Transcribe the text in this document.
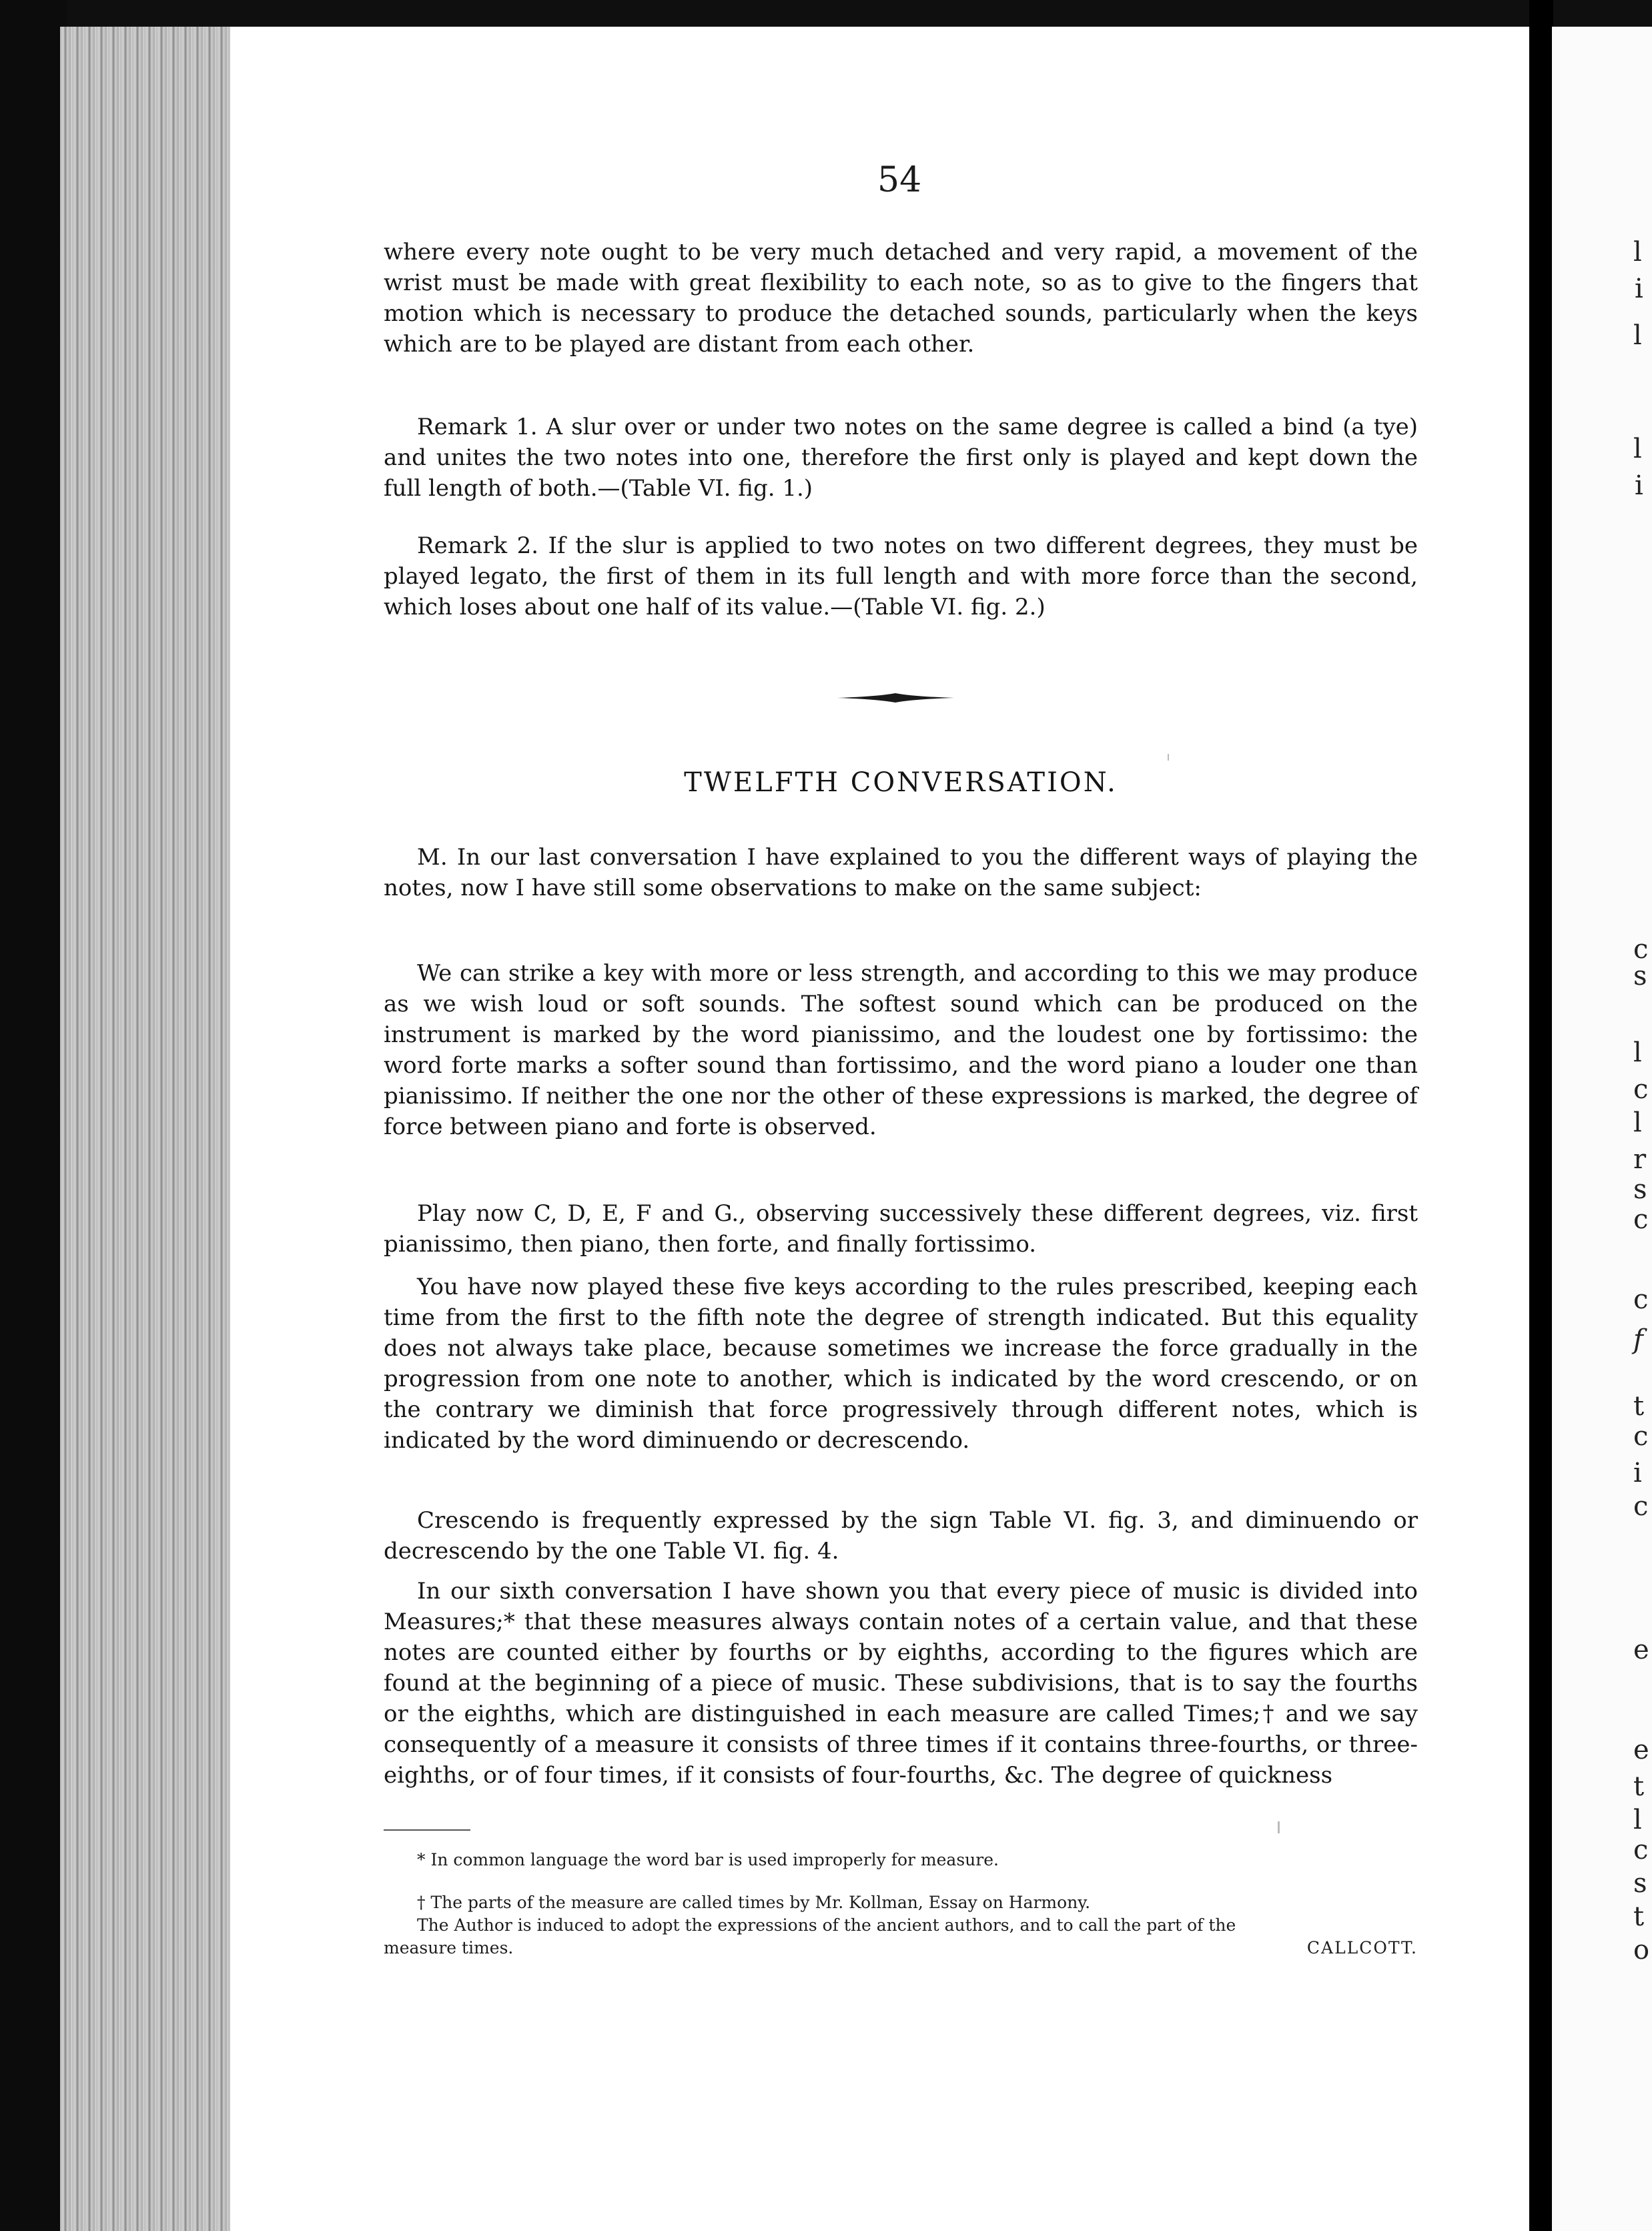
54

where every note ought to be very much detached and very rapid, a movement of the wrist must be made with great flexibility to each note, so as to give to the fingers that motion which is necessary to produce the detached sounds, particularly when the keys which are to be played are distant from each other.

Remark 1. A slur over or under two notes on the same degree is called a bind (a tye) and unites the two notes into one, therefore the first only is played and kept down the full length of both.—(Table VI. fig. 1.)

Remark 2. If the slur is applied to two notes on two different degrees, they must be played legato, the first of them in its full length and with more force than the second, which loses about one half of its value.—(Table VI. fig. 2.)

TWELFTH CONVERSATION.

M. In our last conversation I have explained to you the different ways of playing the notes, now I have still some observations to make on the same subject:

We can strike a key with more or less strength, and according to this we may produce as we wish loud or soft sounds. The softest sound which can be produced on the instrument is marked by the word pianissimo, and the loudest one by fortissimo: the word forte marks a softer sound than fortissimo, and the word piano a louder one than pianissimo. If neither the one nor the other of these expressions is marked, the degree of force between piano and forte is observed.

Play now C, D, E, F and G., observing successively these different degrees, viz. first pianissimo, then piano, then forte, and finally fortissimo.

You have now played these five keys according to the rules prescribed, keeping each time from the first to the fifth note the degree of strength indicated. But this equality does not always take place, because sometimes we increase the force gradually in the progression from one note to another, which is indicated by the word crescendo, or on the contrary we diminish that force progressively through different notes, which is indicated by the word diminuendo or decrescendo.

Crescendo is frequently expressed by the sign Table VI. fig. 3, and diminuendo or decrescendo by the one Table VI. fig. 4.

In our sixth conversation I have shown you that every piece of music is divided into Measures;* that these measures always contain notes of a certain value, and that these notes are counted either by fourths or by eighths, according to the figures which are found at the beginning of a piece of music. These subdivisions, that is to say the fourths or the eighths, which are distinguished in each measure are called Times;† and we say consequently of a measure it consists of three times if it contains three-fourths, or three-eighths, or of four times, if it consists of four-fourths, &c. The degree of quickness

* In common language the word bar is used improperly for measure.

† The parts of the measure are called times by Mr. Kollman, Essay on Harmony.

The Author is induced to adopt the expressions of the ancient authors, and to call the part of the

measure times.	CALLCOTT.
l
i
l
l
i
c
s
l
c
l
r
s
c
c
f
t
c
i
c
e
e
t
l
c
s
t
o
